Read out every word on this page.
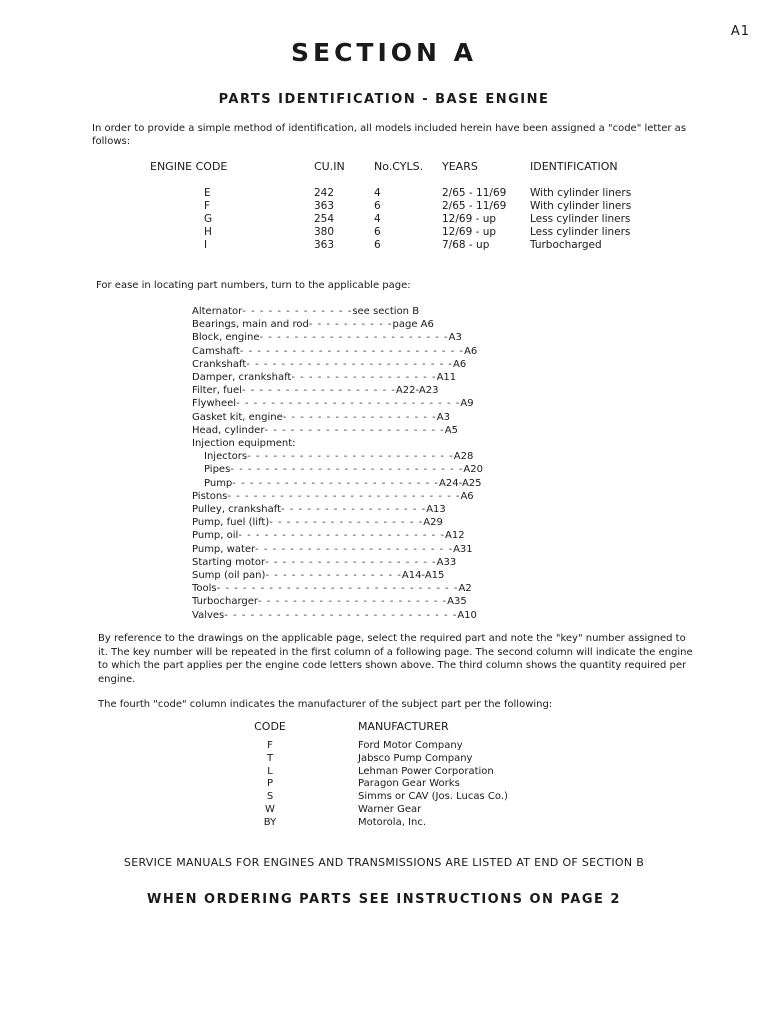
A1
SECTION A
PARTS IDENTIFICATION - BASE ENGINE
In order to provide a simple method of identification, all models included herein have been assigned a "code" letter as follows:
ENGINE CODE	CU.IN	No.CYLS.	YEARS	IDENTIFICATION
E	242	4	2/65 - 11/69	With cylinder liners
F	363	6	2/65 - 11/69	With cylinder liners
G	254	4	12/69 - up	Less cylinder liners
H	380	6	12/69 - up	Less cylinder liners
I	363	6	7/68 - up	Turbocharged
For ease in locating part numbers, turn to the applicable page:
Alternator- - - - - - - - - - - - -see section B
Bearings, main and rod- - - - - - - - - -page A6
Block, engine- - - - - - - - - - - - - - - - - - - - - -A3
Camshaft- - - - - - - - - - - - - - - - - - - - - - - - - -A6
Crankshaft- - - - - - - - - - - - - - - - - - - - - - - -A6
Damper, crankshaft- - - - - - - - - - - - - - - - -A11
Filter, fuel- - - - - - - - - - - - - - - - - -A22-A23
Flywheel- - - - - - - - - - - - - - - - - - - - - - - - - -A9
Gasket kit, engine- - - - - - - - - - - - - - - - - -A3
Head, cylinder- - - - - - - - - - - - - - - - - - - - -A5
Injection equipment:
Injectors- - - - - - - - - - - - - - - - - - - - - - - -A28
Pipes- - - - - - - - - - - - - - - - - - - - - - - - - - -A20
Pump- - - - - - - - - - - - - - - - - - - - - - - -A24-A25
Pistons- - - - - - - - - - - - - - - - - - - - - - - - - - -A6
Pulley, crankshaft- - - - - - - - - - - - - - - - -A13
Pump, fuel (lift)- - - - - - - - - - - - - - - - - -A29
Pump, oil- - - - - - - - - - - - - - - - - - - - - - - -A12
Pump, water- - - - - - - - - - - - - - - - - - - - - - -A31
Starting motor- - - - - - - - - - - - - - - - - - - -A33
Sump (oil pan)- - - - - - - - - - - - - - - -A14-A15
Tools- - - - - - - - - - - - - - - - - - - - - - - - - - - -A2
Turbocharger- - - - - - - - - - - - - - - - - - - - - -A35
Valves- - - - - - - - - - - - - - - - - - - - - - - - - - -A10
By reference to the drawings on the applicable page, select the required part and note the "key" number assigned to it. The key number will be repeated in the first column of a following page. The second column will indicate the engine to which the part applies per the engine code letters shown above. The third column shows the quantity required per engine.
The fourth "code" column indicates the manufacturer of the subject part per the following:
CODE	MANUFACTURER
F	Ford Motor Company
T	Jabsco Pump Company
L	Lehman Power Corporation
P	Paragon Gear Works
S	Simms or CAV (Jos. Lucas Co.)
W	Warner Gear
BY	Motorola, Inc.
SERVICE MANUALS FOR ENGINES AND TRANSMISSIONS ARE LISTED AT END OF SECTION B
WHEN ORDERING PARTS SEE INSTRUCTIONS ON PAGE 2
